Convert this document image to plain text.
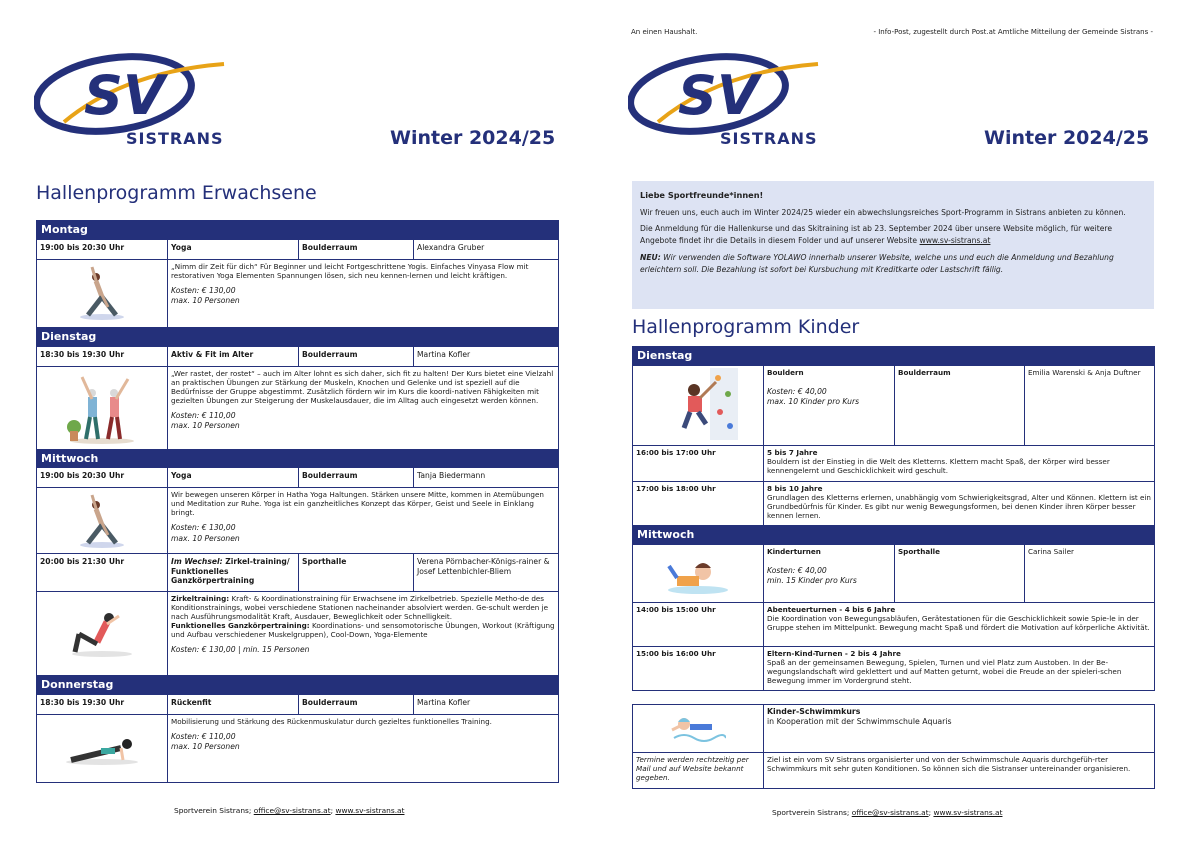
SV
SISTRANS	Winter 2024/25
Hallenprogramm Erwachsene
Montag			
19:00 bis 20:30 Uhr	Yoga	Boulderraum	Alexandra Gruber

„Nimm dir Zeit für dich“ Für Beginner und leicht Fortgeschrittene Yogis. Einfaches Vinyasa Flow mit restorativen Yoga Elementen Spannungen lösen, sich neu kennen-lernen und leicht kräftigen.
Kosten: € 130,00
max. 10 Personen		

Dienstag			
18:30 bis 19:30 Uhr	Aktiv & Fit im Alter	Boulderraum	Martina Kofler

„Wer rastet, der rostet“ – auch im Alter lohnt es sich daher, sich fit zu halten! Der Kurs bietet eine Vielzahl an praktischen Übungen zur Stärkung der Muskeln, Knochen und Gelenke und ist speziell auf die Bedürfnisse der Gruppe abgestimmt. Zusätzlich fördern wir im Kurs die koordi-nativen Fähigkeiten mit gezielten Übungen zur Steigerung der Muskelausdauer, die im Alltag auch eingesetzt werden können.
Kosten: € 110,00
max. 10 Personen		

Mittwoch			
19:00 bis 20:30 Uhr	Yoga	Boulderraum	Tanja Biedermann

Wir bewegen unseren Körper in Hatha Yoga Haltungen. Stärken unsere Mitte, kommen in Atemübungen und Meditation zur Ruhe. Yoga ist ein ganzheitliches Konzept das Körper, Geist und Seele in Einklang bringt.
Kosten: € 130,00
max. 10 Personen		

20:00 bis 21:30 Uhr	Im Wechsel: Zirkel-training/ Funktionelles Ganzkörpertraining	Sporthalle	Verena Pörnbacher-Königs-rainer & Josef Lettenbichler-Bliem

Zirkeltraining: Kraft- & Koordinationstraining für Erwachsene im Zirkelbetrieb. Spezielle Metho-de des Konditionstrainings, wobei verschiedene Stationen nacheinander absolviert werden. Ge-schult werden je nach Ausführungsmodalität Kraft, Ausdauer, Beweglichkeit oder Schnelligkeit.
Funktionelles Ganzkörpertraining: Koordinations- und sensomotorische Übungen, Workout (Kräftigung und Aufbau verschiedener Muskelgruppen), Cool-Down, Yoga-Elemente
Kosten: € 130,00 | min. 15 Personen		

Donnerstag			
18:30 bis 19:30 Uhr	Rückenfit	Boulderraum	Martina Kofler

Mobilisierung und Stärkung des Rückenmuskulatur durch gezieltes funktionelles Training.
Kosten: € 110,00
max. 10 Personen		
Sportverein Sistrans; office@sv-sistrans.at; www.sv-sistrans.at
An einen Haushalt.	- Info-Post, zugestellt durch Post.at Amtliche Mitteilung der Gemeinde Sistrans -
SV
SISTRANS	Winter 2024/25

Liebe Sportfreunde*innen!

Wir freuen uns, euch auch im Winter 2024/25 wieder ein abwechslungsreiches Sport-Programm in Sistrans anbieten zu können.

Die Anmeldung für die Hallenkurse und das Skitraining ist ab 23. September 2024 über unsere Website möglich, für weitere Angebote findet ihr die Details in diesem Folder und auf unserer Website www.sv-sistrans.at

NEU: Wir verwenden die Software YOLAWO innerhalb unserer Website, welche uns und euch die Anmeldung und Bezahlung erleichtern soll. Die Bezahlung ist sofort bei Kursbuchung mit Kreditkarte oder Lastschrift fällig.

Hallenprogramm Kinder
Dienstag			

Bouldern
Kosten: € 40,00
max. 10 Kinder pro Kurs	Boulderraum	Emilia Warenski & Anja Duftner
16:00 bis 17:00 Uhr	5 bis 7 Jahre
Bouldern ist der Einstieg in die Welt des Kletterns. Klettern macht Spaß, der Körper wird besser kennengelernt und Geschicklichkeit wird geschult.		

17:00 bis 18:00 Uhr	8 bis 10 Jahre
Grundlagen des Kletterns erlernen, unabhängig vom Schwierigkeitsgrad, Alter und Können. Klettern ist ein Grundbedürfnis für Kinder. Es gibt nur wenig Bewegungsformen, bei denen Kinder ihren Körper besser kennen lernen.		

Mittwoch			

Kinderturnen
Kosten: € 40,00
min. 15 Kinder pro Kurs	Sporthalle	Carina Sailer
14:00 bis 15:00 Uhr	Abenteuerturnen - 4 bis 6 Jahre
Die Koordination von Bewegungsabläufen, Gerätestationen für die Geschicklichkeit sowie Spie-le in der Gruppe stehen im Mittelpunkt. Bewegung macht Spaß und fördert die Motivation auf körperliche Aktivität.		

15:00 bis 16:00 Uhr	Eltern-Kind-Turnen - 2 bis 4 Jahre
Spaß an der gemeinsamen Bewegung, Spielen, Turnen und viel Platz zum Austoben. In der Be-wegungslandschaft wird geklettert und auf Matten geturnt, wobei die Freude an der spieleri-schen Bewegung immer im Vordergrund steht.		

Kinder-Schwimmkurs
in Kooperation mit der Schwimmschule Aquaris

Termine werden rechtzeitig per Mail und auf Website bekannt gegeben.	Ziel ist ein vom SV Sistrans organisierter und von der Schwimmschule Aquaris durchgefüh-rter Schwimmkurs mit sehr guten Konditionen. So können sich die Sistranser untereinander organisieren.
Sportverein Sistrans; office@sv-sistrans.at; www.sv-sistrans.at
